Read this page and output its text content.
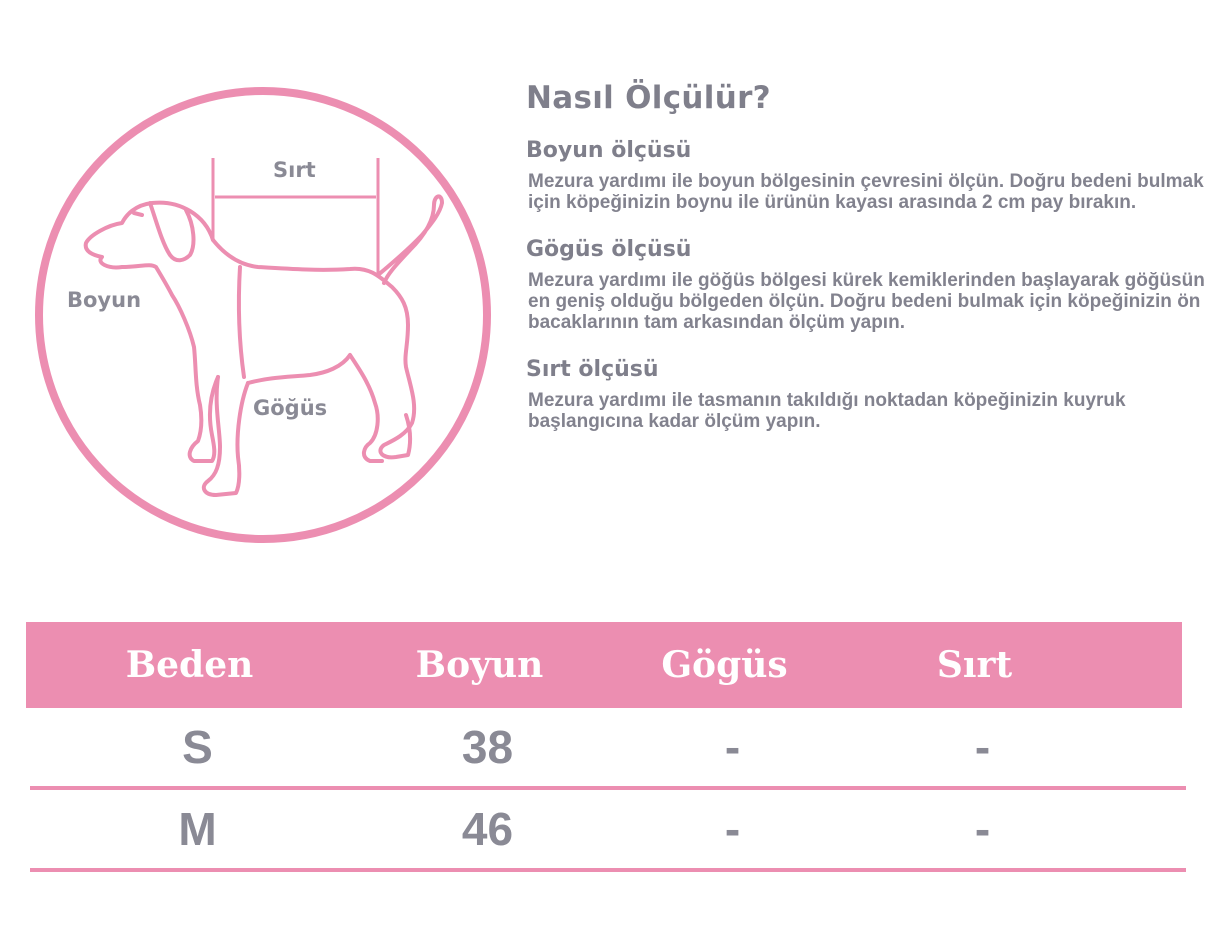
Sırt
Boyun
Göğüs
Nasıl Ölçülür?
Boyun ölçüsü

Mezura yardımı ile boyun bölgesinin çevresini ölçün. Doğru bedeni bulmak için köpeğinizin boynu ile ürünün kayası arasında 2 cm pay bırakın.

Gögüs ölçüsü

Mezura yardımı ile göğüs bölgesi kürek kemiklerinden başlayarak göğüsün en geniş olduğu bölgeden ölçün. Doğru bedeni bulmak için köpeğinizin ön bacaklarının tam arkasından ölçüm yapın.

Sırt ölçüsü

Mezura yardımı ile tasmanın takıldığı noktadan köpeğinizin kuyruk başlangıcına kadar ölçüm yapın.

Beden	Boyun	Gögüs	Sırt
S	38	-	-
M	46	-	-
